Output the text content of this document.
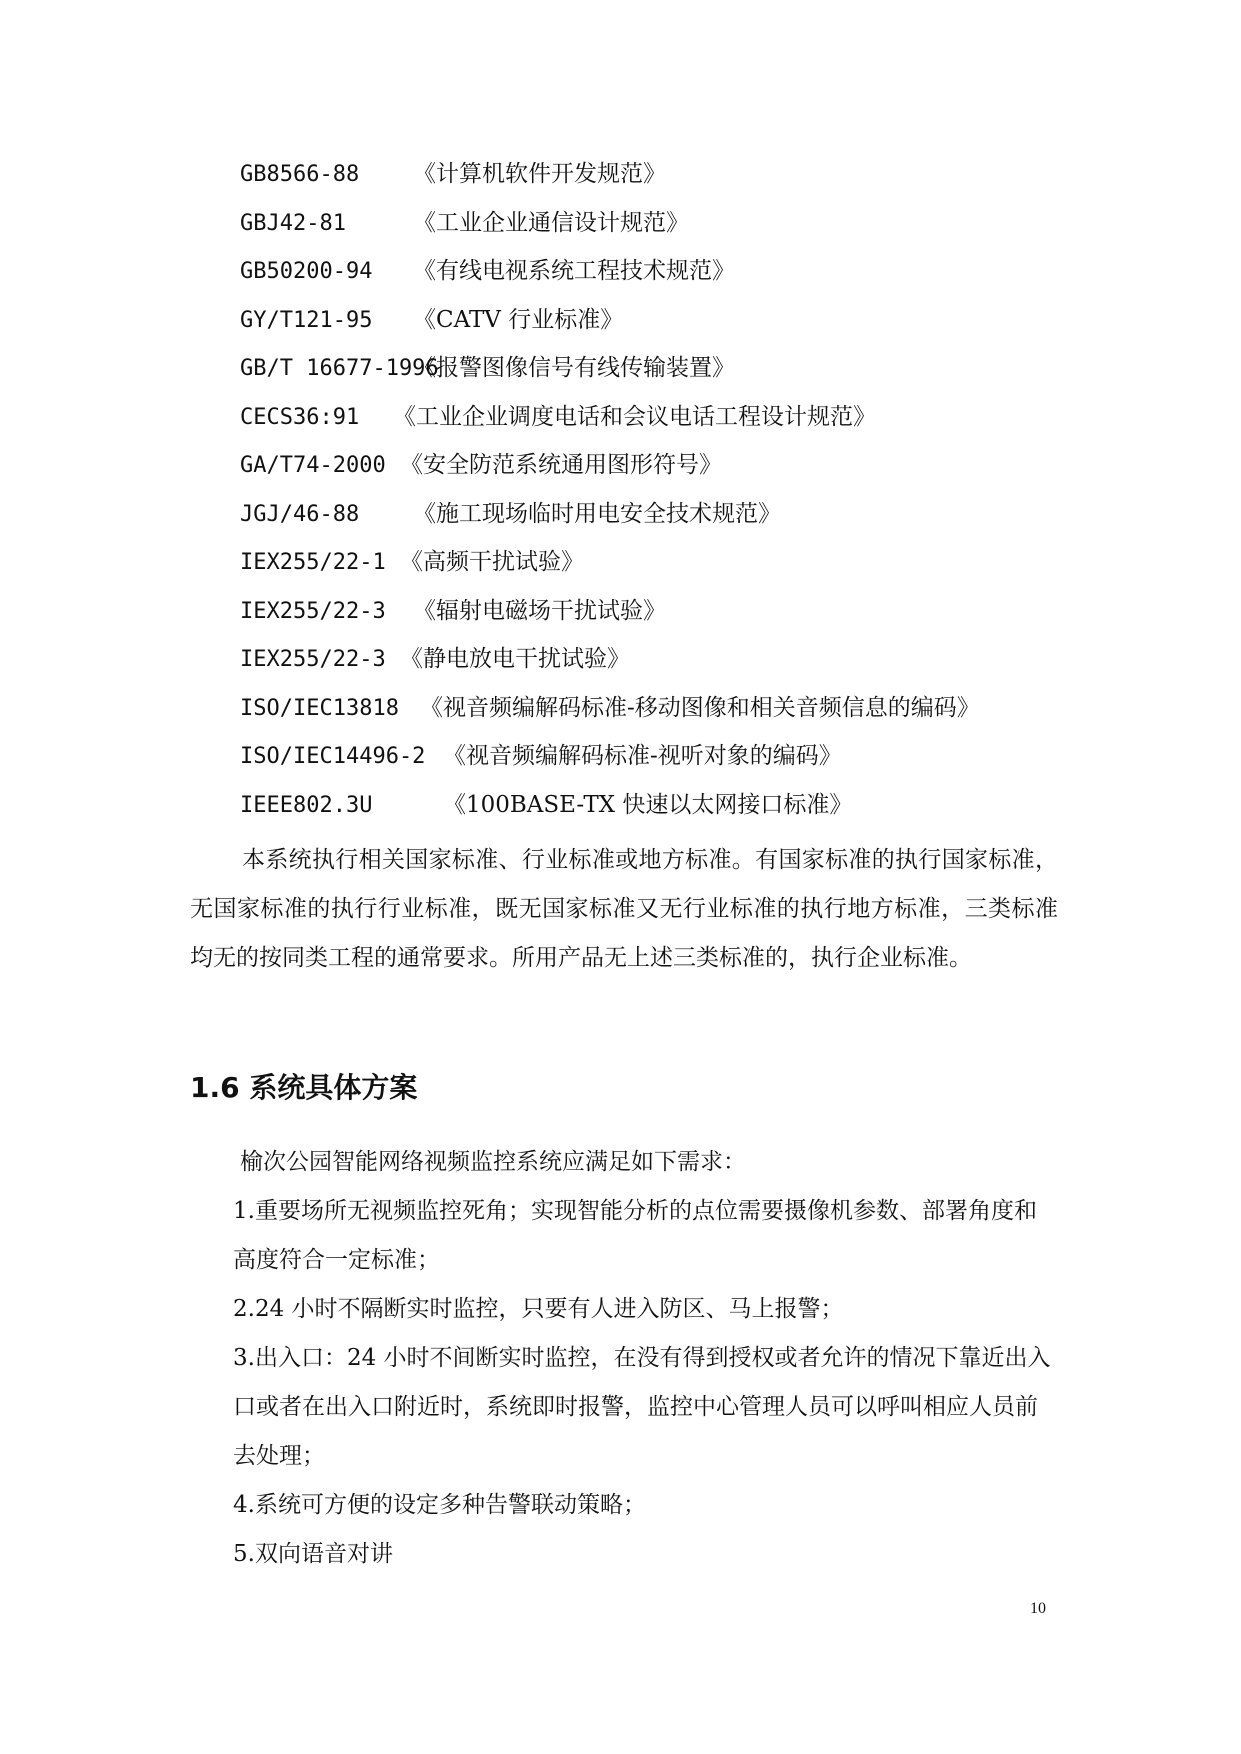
GB8566-88 《计算机软件开发规范》
GBJ42-81	《工业企业通信设计规范》
GB50200-94 《有线电视系统工程技术规范》
GY/T121-95 《CATV 行业标准》
GB/T 16677-1996
《报警图像信号有线传输装置》
CECS36:91 《工业企业调度电话和会议电话工程设计规范》
GA/T74-2000 《安全防范系统通用图形符号》
JGJ/46-88 《施工现场临时用电安全技术规范》
IEX255/22-1 《高频干扰试验》
IEX255/22-3 《辐射电磁场干扰试验》
IEX255/22-3 《静电放电干扰试验》
ISO/IEC13818 《视音频编解码标准-移动图像和相关音频信息的编码》
ISO/IEC14496-2 《视音频编解码标准-视听对象的编码》
IEEE802.3U	《100BASE-TX 快速以太网接口标准》
本系统执行相关国家标准、行业标准或地方标准。有国家标准的执行国家标准，无国家标准的执行行业标准，既无国家标准又无行业标准的执行地方标准，三类标准均无的按同类工程的通常要求。所用产品无上述三类标准的，执行企业标准。
1.6 系统具体方案
榆次公园智能网络视频监控系统应满足如下需求：
1.重要场所无视频监控死角；实现智能分析的点位需要摄像机参数、部署角度和高度符合一定标准；
2.24 小时不隔断实时监控，只要有人进入防区、马上报警；
3.出入口：24 小时不间断实时监控，在没有得到授权或者允许的情况下靠近出入口或者在出入口附近时，系统即时报警，监控中心管理人员可以呼叫相应人员前去处理；
4.系统可方便的设定多种告警联动策略；
5.双向语音对讲
10
